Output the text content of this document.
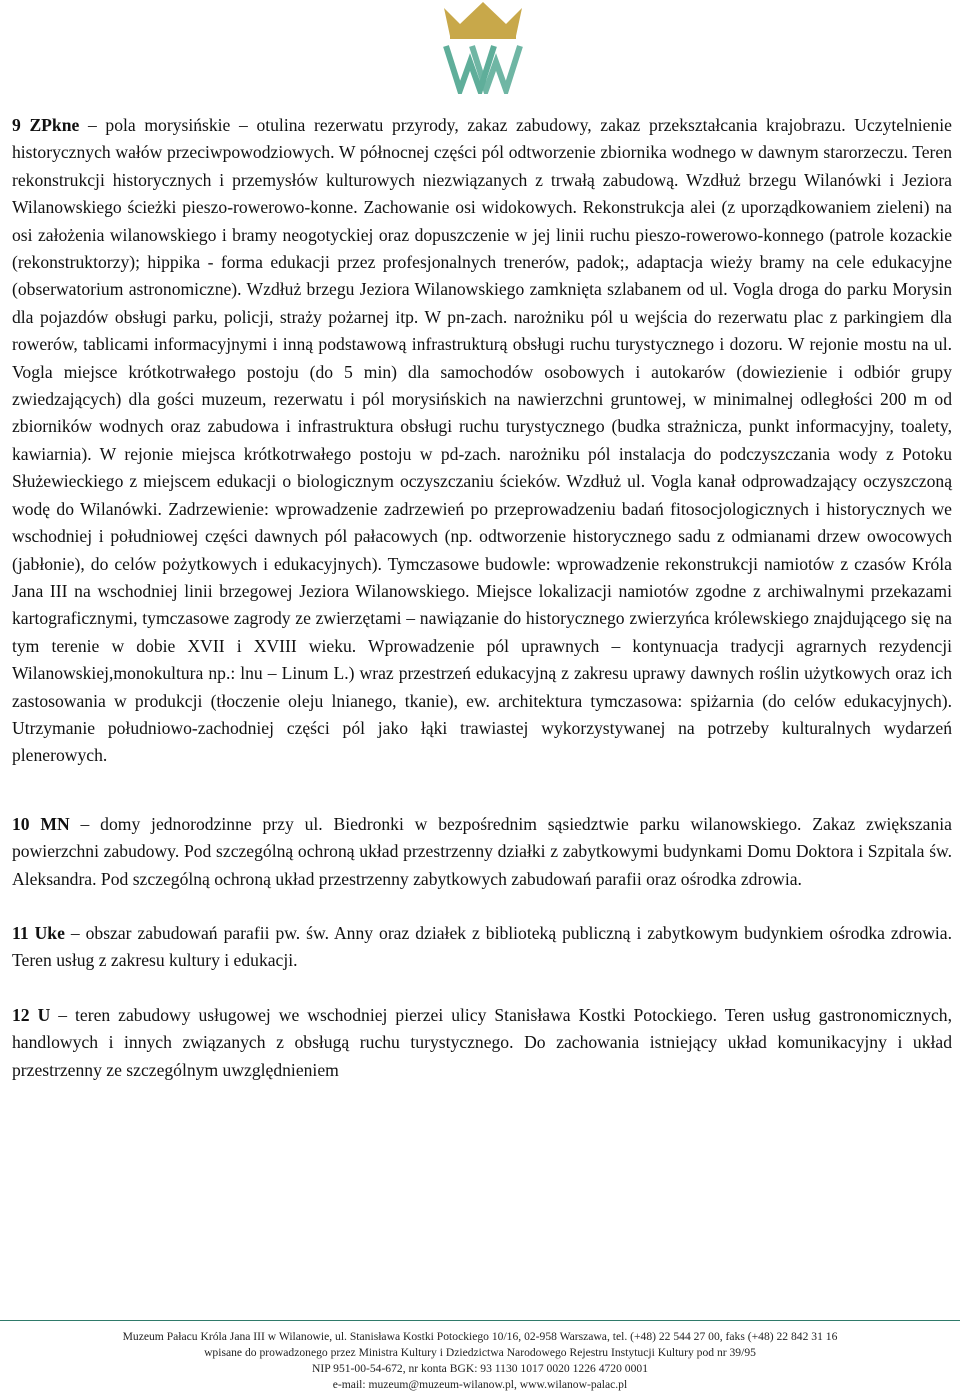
9 ZPkne – pola morysińskie – otulina rezerwatu przyrody, zakaz zabudowy, zakaz przekształcania krajobrazu. Uczytelnienie historycznych wałów przeciwpowodziowych. W północnej części pól odtworzenie zbiornika wodnego w dawnym starorzeczu. Teren rekonstrukcji historycznych i przemysłów kulturowych niezwiązanych z trwałą zabudową. Wzdłuż brzegu Wilanówki i Jeziora Wilanowskiego ścieżki pieszo-rowerowo-konne. Zachowanie osi widokowych. Rekonstrukcja alei (z uporządkowaniem zieleni) na osi założenia wilanowskiego i bramy neogotyckiej oraz dopuszczenie w jej linii ruchu pieszo-rowerowo-konnego (patrole kozackie (rekonstruktorzy); hippika - forma edukacji przez profesjonalnych trenerów, padok;, adaptacja wieży bramy na cele edukacyjne (obserwatorium astronomiczne). Wzdłuż brzegu Jeziora Wilanowskiego zamknięta szlabanem od ul. Vogla droga do parku Morysin dla pojazdów obsługi parku, policji, straży pożarnej itp. W pn-zach. narożniku pól u wejścia do rezerwatu plac z parkingiem dla rowerów, tablicami informacyjnymi i inną podstawową infrastrukturą obsługi ruchu turystycznego i dozoru. W rejonie mostu na ul. Vogla miejsce krótkotrwałego postoju (do 5 min) dla samochodów osobowych i autokarów (dowiezienie i odbiór grupy zwiedzających) dla gości muzeum, rezerwatu i pól morysińskich na nawierzchni gruntowej, w minimalnej odległości 200 m od zbiorników wodnych oraz zabudowa i infrastruktura obsługi ruchu turystycznego (budka strażnicza, punkt informacyjny, toalety, kawiarnia). W rejonie miejsca krótkotrwałego postoju w pd-zach. narożniku pól instalacja do podczyszczania wody z Potoku Służewieckiego z miejscem edukacji o biologicznym oczyszczaniu ścieków. Wzdłuż ul. Vogla kanał odprowadzający oczyszczoną wodę do Wilanówki. Zadrzewienie: wprowadzenie zadrzewień po przeprowadzeniu badań fitosocjologicznych i historycznych we wschodniej i południowej części dawnych pól pałacowych (np. odtworzenie historycznego sadu z odmianami drzew owocowych (jabłonie), do celów pożytkowych i edukacyjnych). Tymczasowe budowle: wprowadzenie rekonstrukcji namiotów z czasów Króla Jana III na wschodniej linii brzegowej Jeziora Wilanowskiego. Miejsce lokalizacji namiotów zgodne z archiwalnymi przekazami kartograficznymi, tymczasowe zagrody ze zwierzętami – nawiązanie do historycznego zwierzyńca królewskiego znajdującego się na tym terenie w dobie XVII i XVIII wieku. Wprowadzenie pól uprawnych – kontynuacja tradycji agrarnych rezydencji Wilanowskiej,monokultura np.: lnu – Linum L.) wraz przestrzeń edukacyjną z zakresu uprawy dawnych roślin użytkowych oraz ich zastosowania w produkcji (tłoczenie oleju lnianego, tkanie), ew. architektura tymczasowa: spiżarnia (do celów edukacyjnych). Utrzymanie południowo-zachodniej części pól jako łąki trawiastej wykorzystywanej na potrzeby kulturalnych wydarzeń plenerowych.

10 MN – domy jednorodzinne przy ul. Biedronki w bezpośrednim sąsiedztwie parku wilanowskiego. Zakaz zwiększania powierzchni zabudowy. Pod szczególną ochroną układ przestrzenny działki z zabytkowymi budynkami Domu Doktora i Szpitala św. Aleksandra. Pod szczególną ochroną układ przestrzenny zabytkowych zabudowań parafii oraz ośrodka zdrowia.

11 Uke – obszar zabudowań parafii pw. św. Anny oraz działek z biblioteką publiczną i zabytkowym budynkiem ośrodka zdrowia. Teren usług z zakresu kultury i edukacji.

12 U – teren zabudowy usługowej we wschodniej pierzei ulicy Stanisława Kostki Potockiego. Teren usług gastronomicznych, handlowych i innych związanych z obsługą ruchu turystycznego. Do zachowania istniejący układ komunikacyjny i układ przestrzenny ze szczególnym uwzględnieniem

Muzeum Pałacu Króla Jana III w Wilanowie, ul. Stanisława Kostki Potockiego 10/16, 02-958 Warszawa, tel. (+48) 22 544 27 00, faks (+48) 22 842 31 16
wpisane do prowadzonego przez Ministra Kultury i Dziedzictwa Narodowego Rejestru Instytucji Kultury pod nr 39/95
NIP 951-00-54-672, nr konta BGK: 93 1130 1017 0020 1226 4720 0001
e-mail: muzeum@muzeum-wilanow.pl, www.wilanow-palac.pl
